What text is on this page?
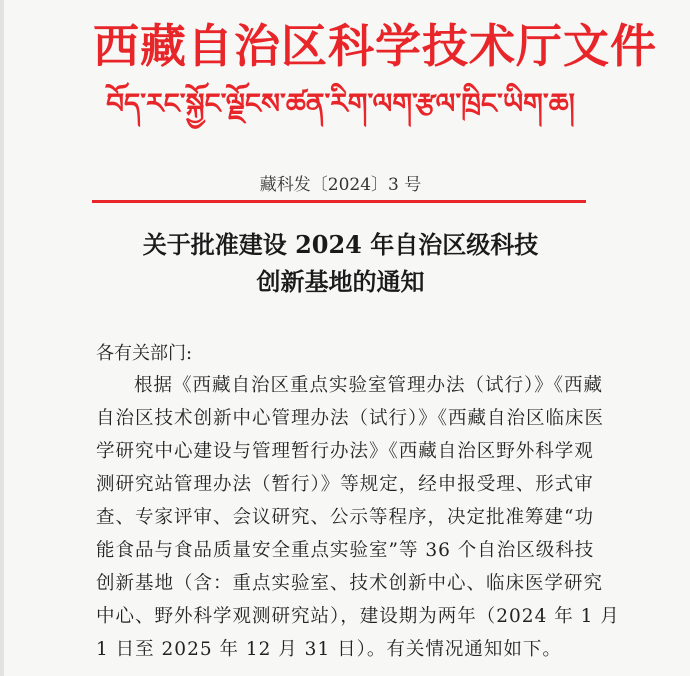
西藏自治区科学技术厅文件
བོད་རང་སྐྱོང་ལྗོངས་ཚན་རིག་ལག་རྩལ་ཁྲིང་ཡིག་ཆ།
藏科发〔2024〕3 号
关于批准建设 2024 年自治区级科技
创新基地的通知
各有关部门:
根据《西藏自治区重点实验室管理办法（试行）》《西藏
自治区技术创新中心管理办法（试行）》《西藏自治区临床医
学研究中心建设与管理暂行办法》《西藏自治区野外科学观
测研究站管理办法（暂行）》等规定，经申报受理、形式审
查、专家评审、会议研究、公示等程序，决定批准筹建“功
能食品与食品质量安全重点实验室”等 36 个自治区级科技
创新基地（含：重点实验室、技术创新中心、临床医学研究
中心、野外科学观测研究站），建设期为两年（2024 年 1 月
1 日至 2025 年 12 月 31 日）。有关情况通知如下。
